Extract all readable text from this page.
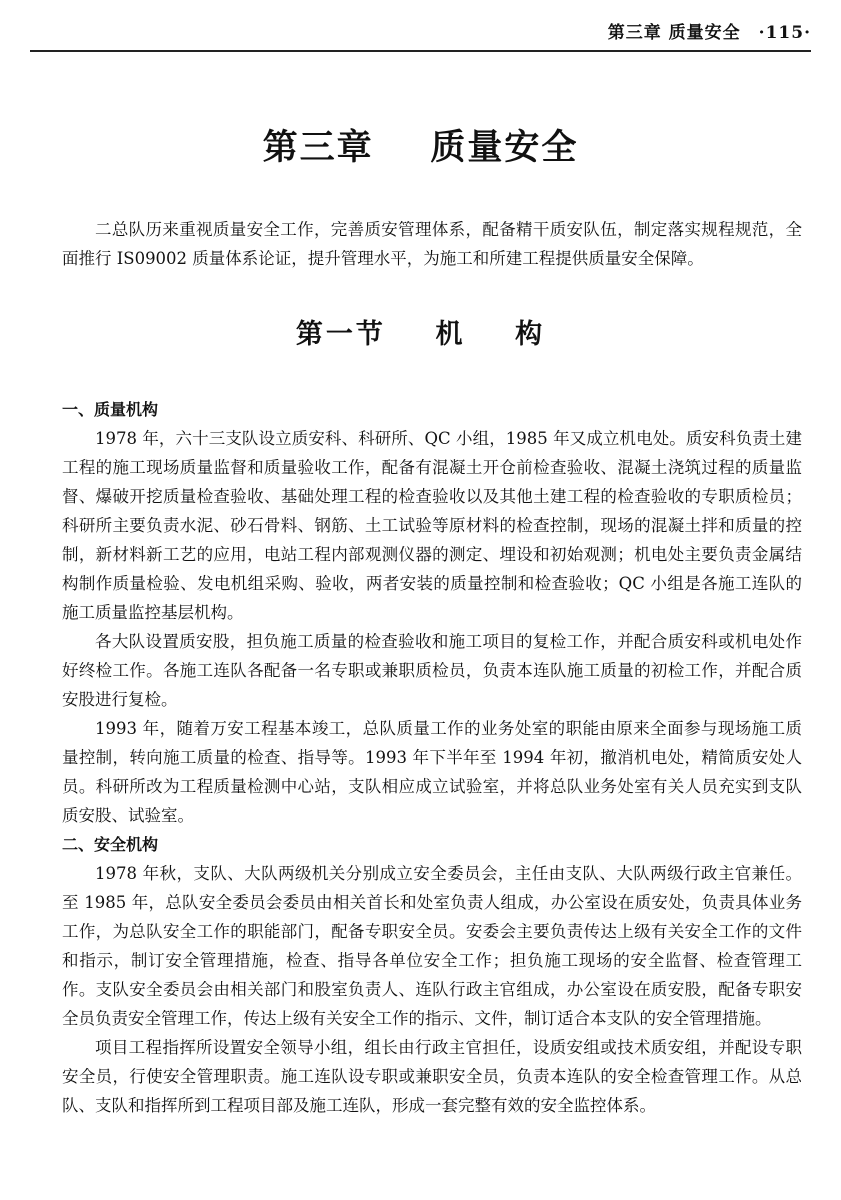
第三章 质量安全 ·115·
第三章    质量安全

二总队历来重视质量安全工作，完善质安管理体系，配备精干质安队伍，制定落实规程规范，全面推行 IS09002 质量体系论证，提升管理水平，为施工和所建工程提供质量安全保障。

第一节    机    构
一、质量机构

1978 年，六十三支队设立质安科、科研所、QC 小组，1985 年又成立机电处。质安科负责土建工程的施工现场质量监督和质量验收工作，配备有混凝土开仓前检查验收、混凝土浇筑过程的质量监督、爆破开挖质量检查验收、基础处理工程的检查验收以及其他土建工程的检查验收的专职质检员；科研所主要负责水泥、砂石骨料、钢筋、土工试验等原材料的检查控制，现场的混凝土拌和质量的控制，新材料新工艺的应用，电站工程内部观测仪器的测定、埋设和初始观测；机电处主要负责金属结构制作质量检验、发电机组采购、验收，两者安装的质量控制和检查验收；QC 小组是各施工连队的施工质量监控基层机构。

各大队设置质安股，担负施工质量的检查验收和施工项目的复检工作，并配合质安科或机电处作好终检工作。各施工连队各配备一名专职或兼职质检员，负责本连队施工质量的初检工作，并配合质安股进行复检。

1993 年，随着万安工程基本竣工，总队质量工作的业务处室的职能由原来全面参与现场施工质量控制，转向施工质量的检查、指导等。1993 年下半年至 1994 年初，撤消机电处，精简质安处人员。科研所改为工程质量检测中心站，支队相应成立试验室，并将总队业务处室有关人员充实到支队质安股、试验室。

二、安全机构

1978 年秋，支队、大队两级机关分别成立安全委员会，主任由支队、大队两级行政主官兼任。至 1985 年，总队安全委员会委员由相关首长和处室负责人组成，办公室设在质安处，负责具体业务工作，为总队安全工作的职能部门，配备专职安全员。安委会主要负责传达上级有关安全工作的文件和指示，制订安全管理措施，检查、指导各单位安全工作；担负施工现场的安全监督、检查管理工作。支队安全委员会由相关部门和股室负责人、连队行政主官组成，办公室设在质安股，配备专职安全员负责安全管理工作，传达上级有关安全工作的指示、文件，制订适合本支队的安全管理措施。

项目工程指挥所设置安全领导小组，组长由行政主官担任，设质安组或技术质安组，并配设专职安全员，行使安全管理职责。施工连队设专职或兼职安全员，负责本连队的安全检查管理工作。从总队、支队和指挥所到工程项目部及施工连队，形成一套完整有效的安全监控体系。
